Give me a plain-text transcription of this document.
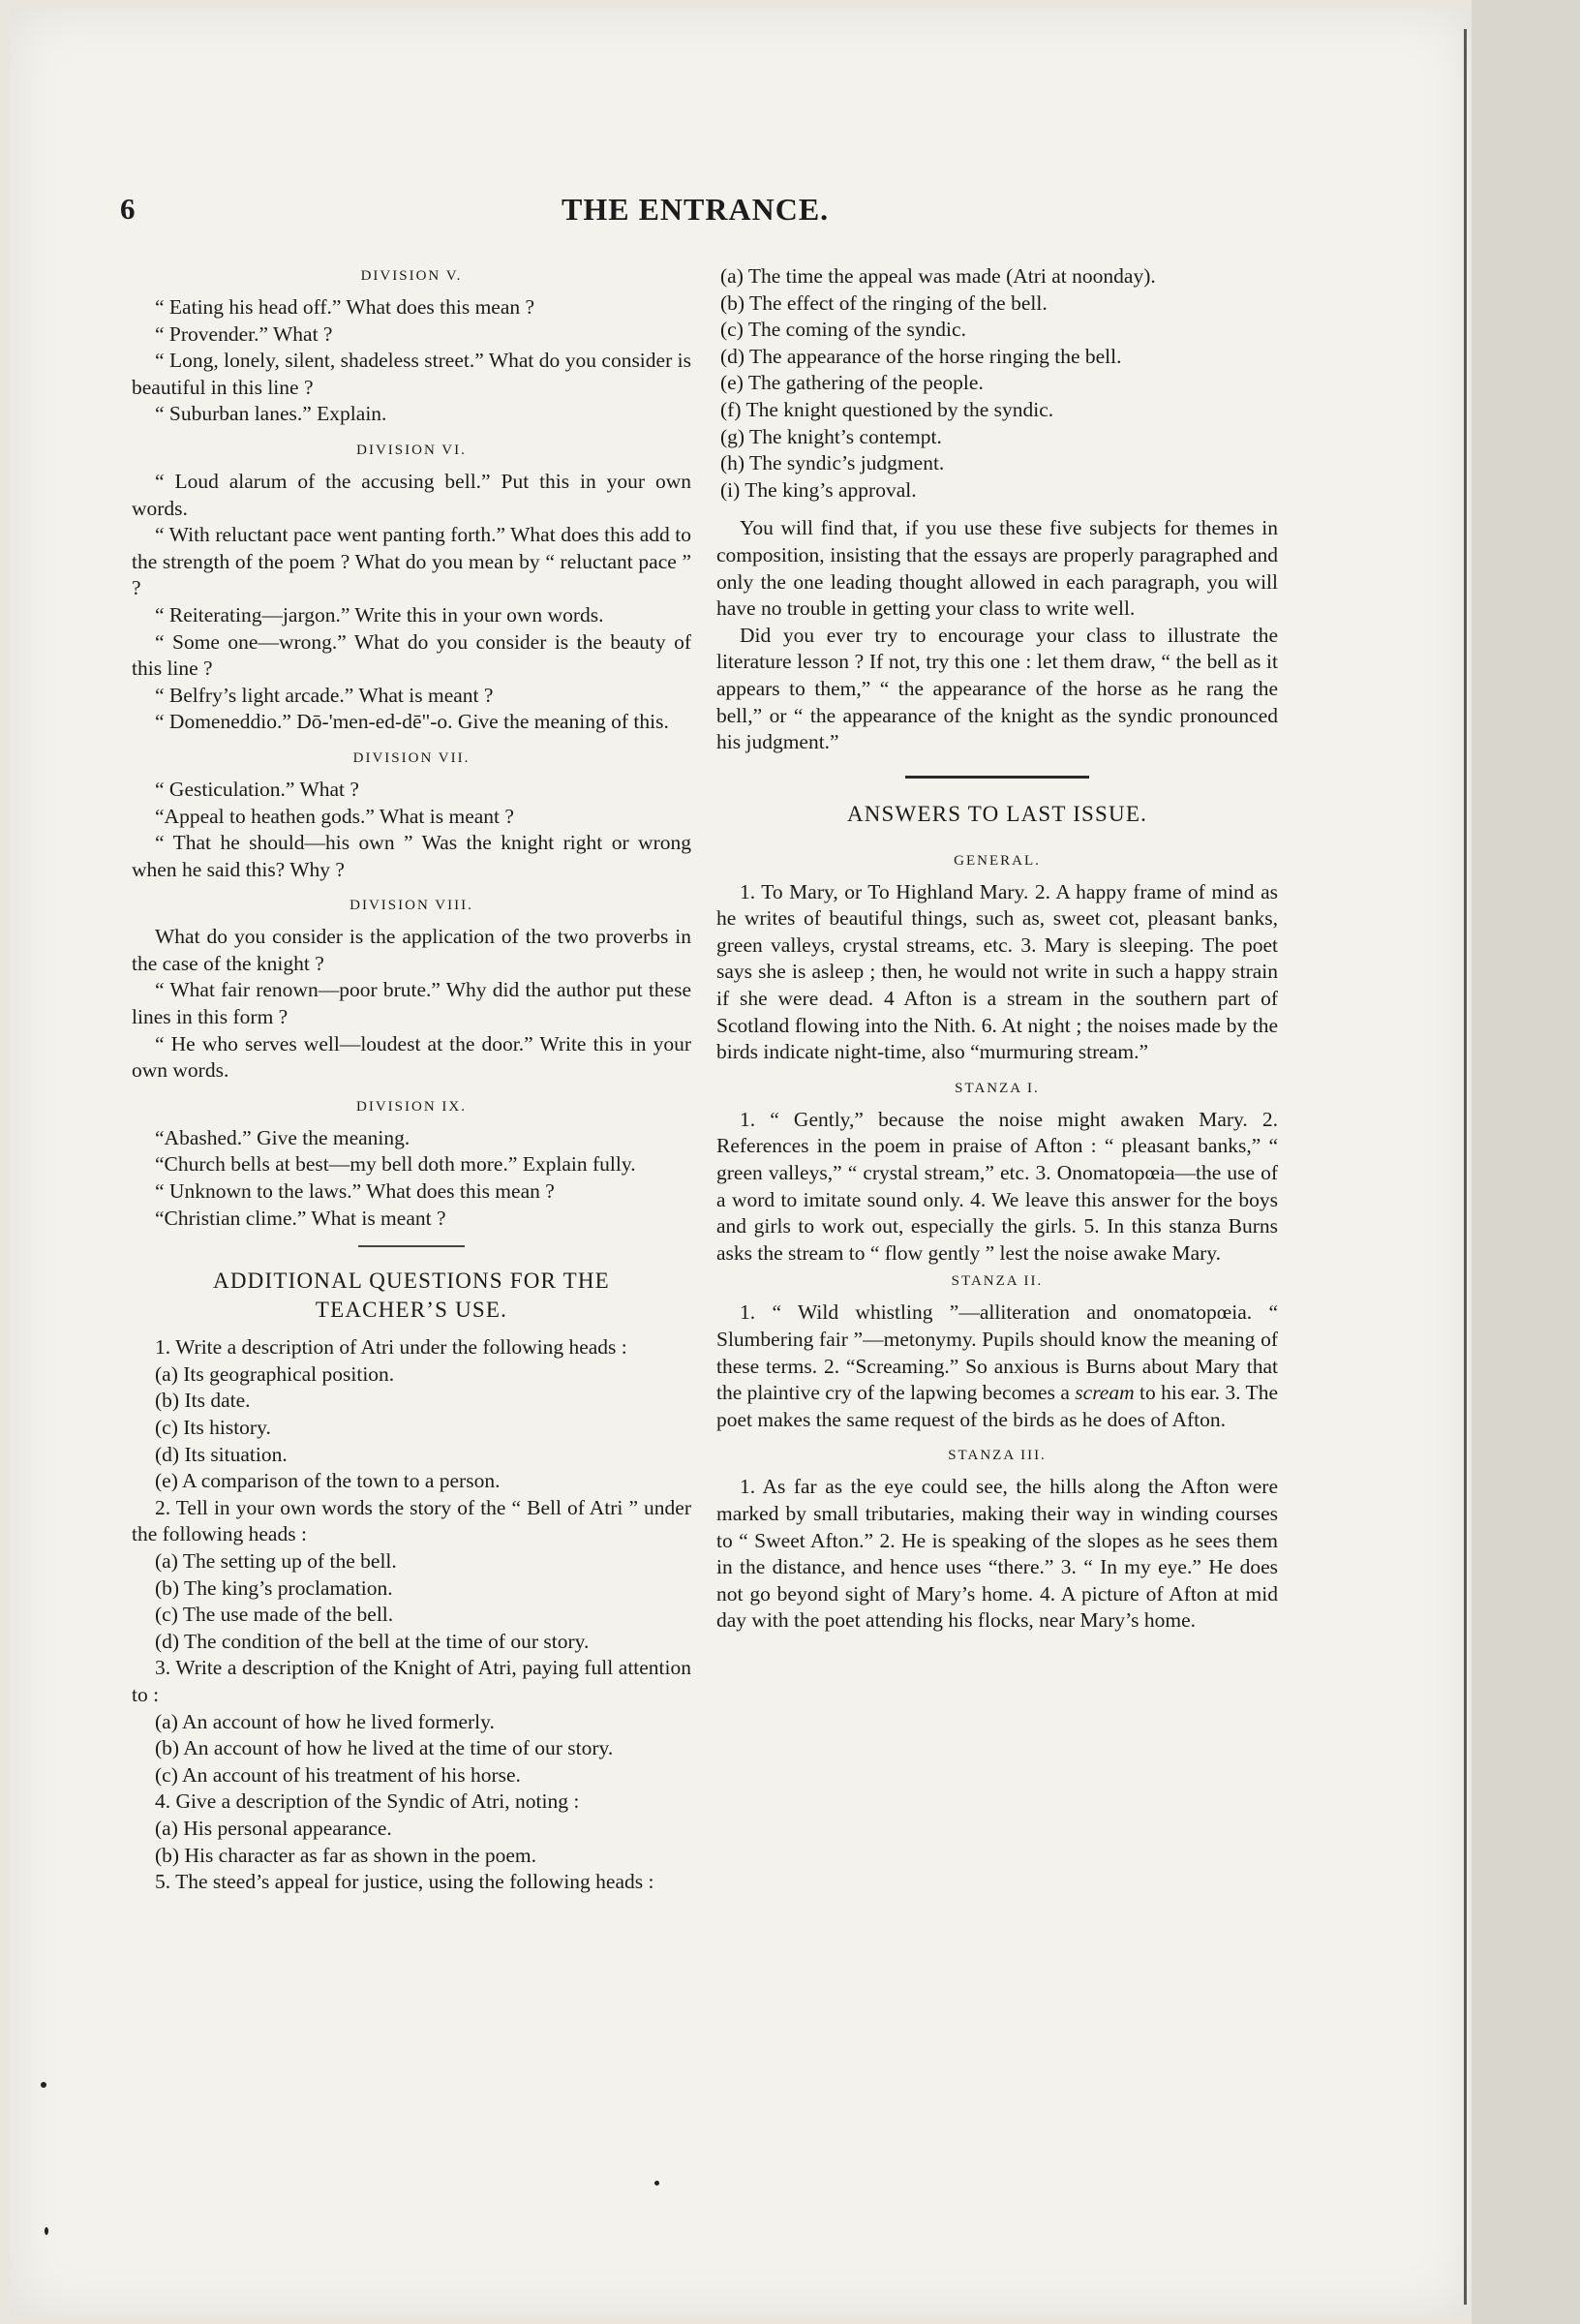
6	THE ENTRANCE.
DIVISION V.

“ Eating his head off.” What does this mean ?

“ Provender.” What ?

“ Long, lonely, silent, shadeless street.” What do you consider is beautiful in this line ?

“ Suburban lanes.” Explain.

DIVISION VI.

“ Loud alarum of the accusing bell.” Put this in your own words.

“ With reluctant pace went panting forth.” What does this add to the strength of the poem ? What do you mean by “ reluctant pace ” ?

“ Reiterating—jargon.” Write this in your own words.

“ Some one—wrong.” What do you consider is the beauty of this line ?

“ Belfry’s light arcade.” What is meant ?

“ Domeneddio.” Dō-'men-ed-dē"-o. Give the meaning of this.

DIVISION VII.

“ Gesticulation.” What ?

“Appeal to heathen gods.” What is meant ?

“ That he should—his own ” Was the knight right or wrong when he said this? Why ?

DIVISION VIII.

What do you consider is the application of the two proverbs in the case of the knight ?

“ What fair renown—poor brute.” Why did the author put these lines in this form ?

“ He who serves well—loudest at the door.” Write this in your own words.

DIVISION IX.

“Abashed.” Give the meaning.

“Church bells at best—my bell doth more.” Explain fully.

“ Unknown to the laws.” What does this mean ?

“Christian clime.” What is meant ?

ADDITIONAL QUESTIONS FOR THE
TEACHER’S USE.

1. Write a description of Atri under the following heads :

(a) Its geographical position.
(b) Its date.
(c) Its history.
(d) Its situation.
(e) A comparison of the town to a person.

2. Tell in your own words the story of the “ Bell of Atri ” under the following heads :

(a) The setting up of the bell.
(b) The king’s proclamation.
(c) The use made of the bell.
(d) The condition of the bell at the time of our story.

3. Write a description of the Knight of Atri, paying full attention to :

(a) An account of how he lived formerly.
(b) An account of how he lived at the time of our story.
(c) An account of his treatment of his horse.

4. Give a description of the Syndic of Atri, noting :

(a) His personal appearance.
(b) His character as far as shown in the poem.

5. The steed’s appeal for justice, using the following heads :

(a) The time the appeal was made (Atri at noonday).
(b) The effect of the ringing of the bell.
(c) The coming of the syndic.
(d) The appearance of the horse ringing the bell.
(e) The gathering of the people.
(f) The knight questioned by the syndic.
(g) The knight’s contempt.
(h) The syndic’s judgment.
(i) The king’s approval.

You will find that, if you use these five subjects for themes in composition, insisting that the essays are properly paragraphed and only the one leading thought allowed in each paragraph, you will have no trouble in getting your class to write well.

Did you ever try to encourage your class to illustrate the literature lesson ? If not, try this one : let them draw, “ the bell as it appears to them,” “ the appearance of the horse as he rang the bell,” or “ the appearance of the knight as the syndic pronounced his judgment.”

ANSWERS TO LAST ISSUE.
GENERAL.

1. To Mary, or To Highland Mary. 2. A happy frame of mind as he writes of beautiful things, such as, sweet cot, pleasant banks, green valleys, crystal streams, etc. 3. Mary is sleeping. The poet says she is asleep ; then, he would not write in such a happy strain if she were dead. 4 Afton is a stream in the southern part of Scotland flowing into the Nith. 6. At night ; the noises made by the birds indicate night-time, also “murmuring stream.”

STANZA I.

1. “ Gently,” because the noise might awaken Mary. 2. References in the poem in praise of Afton : “ pleasant banks,” “ green valleys,” “ crystal stream,” etc. 3. Onomatopœia—the use of a word to imitate sound only. 4. We leave this answer for the boys and girls to work out, especially the girls. 5. In this stanza Burns asks the stream to “ flow gently ” lest the noise awake Mary.

STANZA II.

1. “ Wild whistling ”—alliteration and onomatopœia. “ Slumbering fair ”—metonymy. Pupils should know the meaning of these terms. 2. “Screaming.” So anxious is Burns about Mary that the plaintive cry of the lapwing becomes a scream to his ear. 3. The poet makes the same request of the birds as he does of Afton.

STANZA III.

1. As far as the eye could see, the hills along the Afton were marked by small tributaries, making their way in winding courses to “ Sweet Afton.” 2. He is speaking of the slopes as he sees them in the distance, and hence uses “there.” 3. “ In my eye.” He does not go beyond sight of Mary’s home. 4. A picture of Afton at mid day with the poet attending his flocks, near Mary’s home.
